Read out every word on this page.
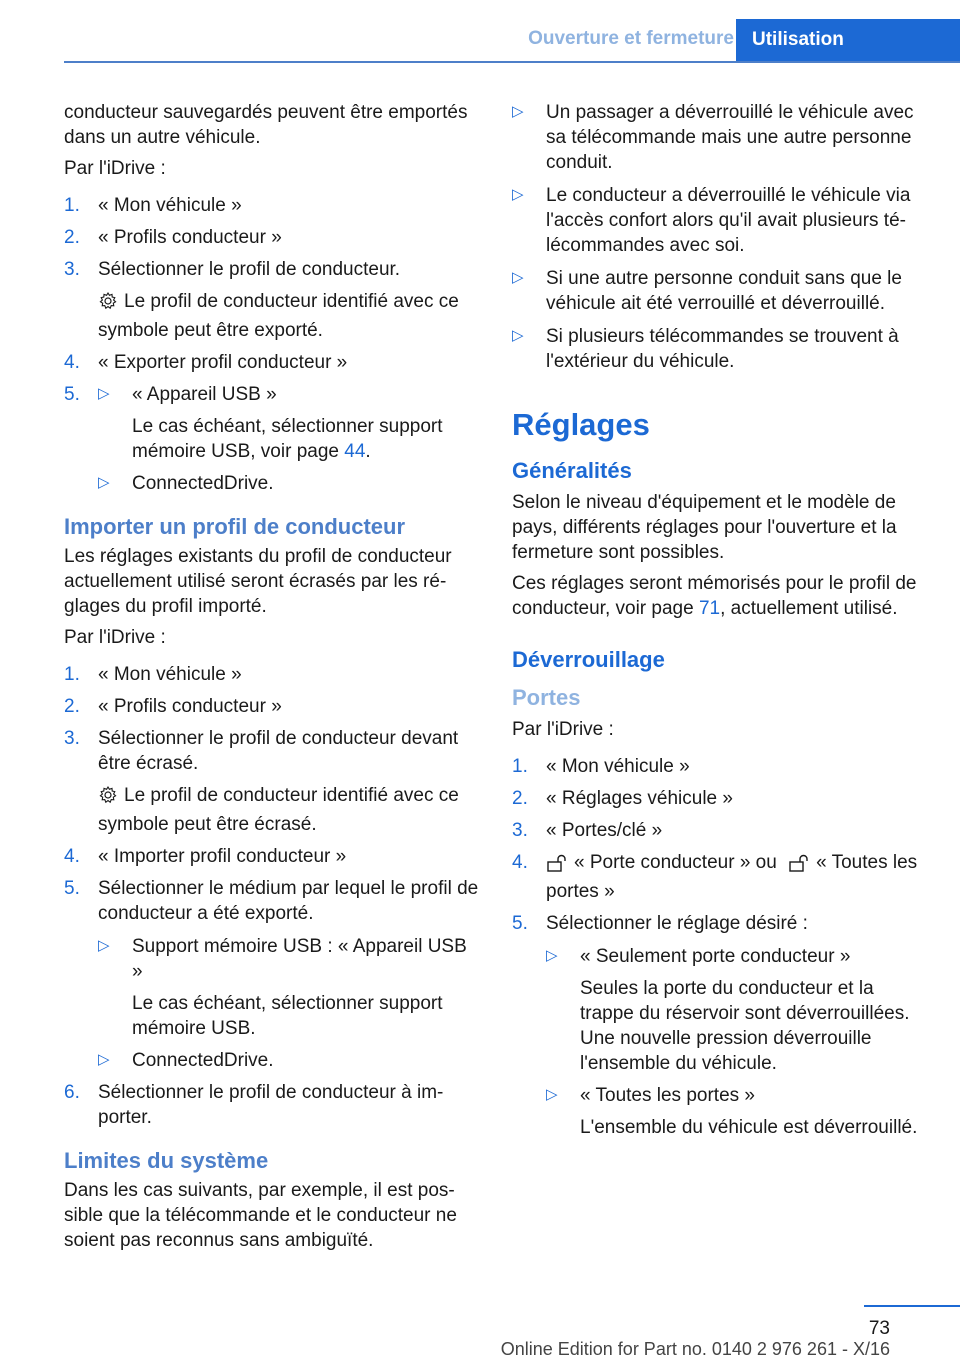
Ouverture et fermeture Utilisation

conducteur sauvegardés peuvent être emportés dans un autre véhicule.

Par l'iDrive :

1. « Mon véhicule »
2. « Profils conducteur »
3. Sélectionner le profil de conducteur.
Le profil de conducteur identifié avec ce symbole peut être exporté.
4. « Exporter profil conducteur »
5. ▷ « Appareil USB »
Le cas échéant, sélectionner support mémoire USB, voir page 44.
▷ ConnectedDrive.
Importer un profil de conducteur

Les réglages existants du profil de conducteur actuellement utilisé seront écrasés par les réglages du profil importé.

Par l'iDrive :

1. « Mon véhicule »
2. « Profils conducteur »
3. Sélectionner le profil de conducteur devant être écrasé.
Le profil de conducteur identifié avec ce symbole peut être écrasé.
4. « Importer profil conducteur »
5. Sélectionner le médium par lequel le profil de conducteur a été exporté.
▷ Support mémoire USB : « Appareil USB »
Le cas échéant, sélectionner support mémoire USB.
▷ ConnectedDrive.
6. Sélectionner le profil de conducteur à importer.
Limites du système

Dans les cas suivants, par exemple, il est possible que la télécommande et le conducteur ne soient pas reconnus sans ambiguïté.

▷ Un passager a déverrouillé le véhicule avec sa télécommande mais une autre personne conduit.
▷ Le conducteur a déverrouillé le véhicule via l'accès confort alors qu'il avait plusieurs télécommandes avec soi.
▷ Si une autre personne conduit sans que le véhicule ait été verrouillé et déverrouillé.
▷ Si plusieurs télécommandes se trouvent à l'extérieur du véhicule.
Réglages
Généralités

Selon le niveau d'équipement et le modèle de pays, différents réglages pour l'ouverture et la fermeture sont possibles.

Ces réglages seront mémorisés pour le profil de conducteur, voir page 71, actuellement utilisé.

Déverrouillage
Portes

Par l'iDrive :

1. « Mon véhicule »
2. « Réglages véhicule »
3. « Portes/clé »
4. « Porte conducteur » ou « Toutes les portes »
5. Sélectionner le réglage désiré :
▷ « Seulement porte conducteur »
Seules la porte du conducteur et la trappe du réservoir sont déverrouillées. Une nouvelle pression déverrouille l'ensemble du véhicule.
▷ « Toutes les portes »
L'ensemble du véhicule est déverrouillé.
73
Online Edition for Part no. 0140 2 976 261 - X/16
